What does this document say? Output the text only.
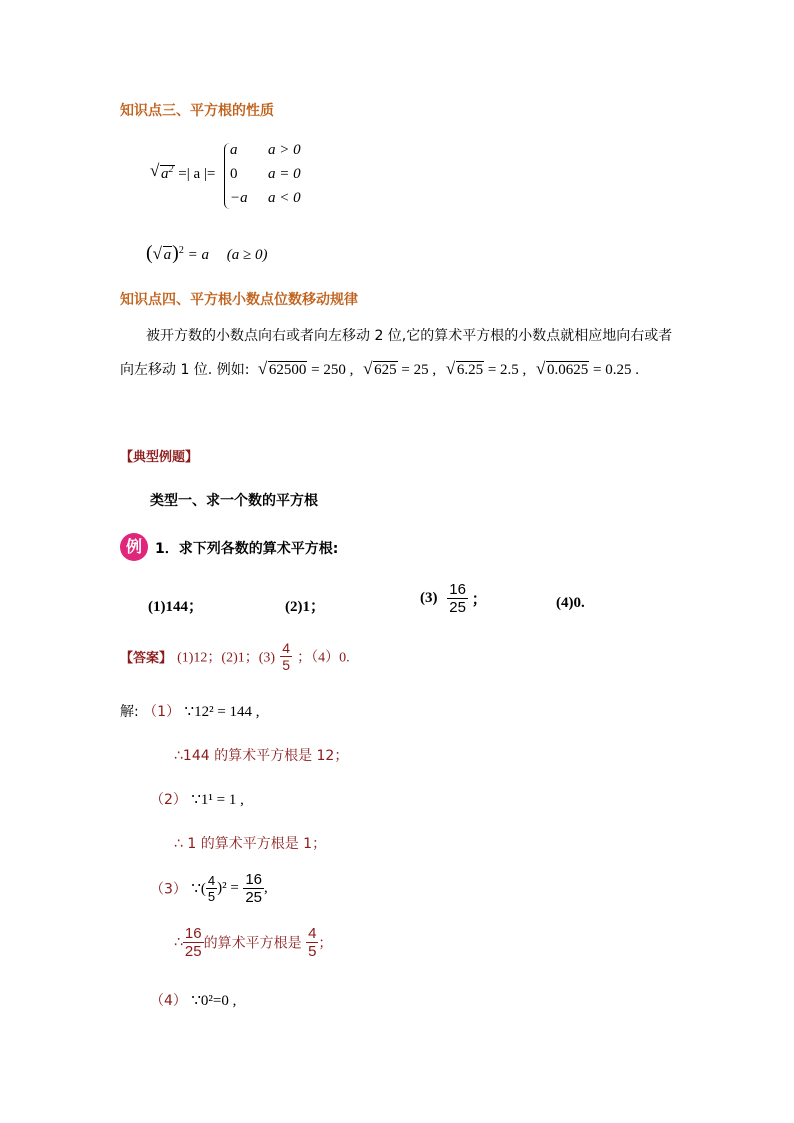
知识点三、平方根的性质
√ $a^2$ =| a |=
a a > 0
0 a = 0
−a a < 0
( √ a)$^2$ = a (a ≥ 0)
知识点四、平方根小数点位数移动规律
被开方数的小数点向右或者向左移动 2 位,它的算术平方根的小数点就相应地向右或者
向左移动 1 位. 例如: √ 62500 = 250 , √ 625 = 25 , √ 6.25 = 2.5 , √ 0.0625 = 0.25 .
【典型例题】
类型一、求一个数的平方根
例 1．求下列各数的算术平方根:
(1)144；	(2)1；
$(3) \frac{16}{25}$ ；	(4)0.
【答案】 (1)12；(2)1；$(3) \frac{4}{5}$ ；（4）0.
解: （1） ∵12² = 144 ,
∴144 的算术平方根是 12；
（2） ∵1¹ = 1 ,
∴ 1 的算术平方根是 1；
（3） ∵( $\frac{4}{5} )^2 = \frac{16}{25}$ ,
∴ $\frac{16}{25}$ 的算术平方根是 $\frac{4}{5}$ ；
（4） ∵0²=0 ,
